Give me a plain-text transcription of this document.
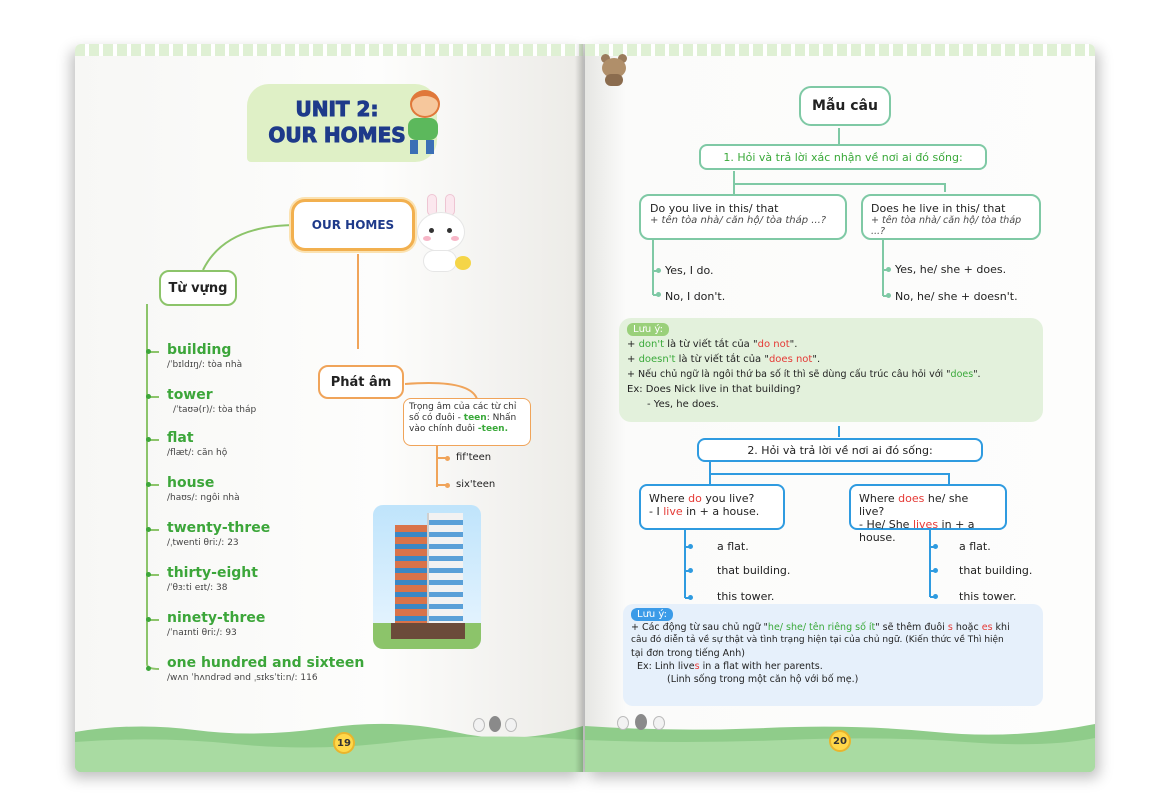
UNIT 2:
OUR HOMES
OUR HOMES
Từ vựng
building
/ˈbɪldɪŋ/: tòa nhà
tower
/ˈtaʊə(r)/: tòa tháp
flat
/flæt/: căn hộ
house
/haʊs/: ngôi nhà
twenty-three
/ˌtwenti θriː/: 23
thirty-eight
/ˈθɜːti eɪt/: 38
ninety-three
/ˈnaɪnti θriː/: 93
one hundred and sixteen
/wʌn ˈhʌndrəd ənd ˌsɪksˈtiːn/: 116
Phát âm
Trọng âm của các từ chỉ số có đuôi - teen: Nhấn vào chính đuôi -teen.
fif'teen
six'teen
19
Mẫu câu
1. Hỏi và trả lời xác nhận về nơi ai đó sống:
Do you live in this/ that
+ tên tòa nhà/ căn hộ/ tòa tháp ...?
Yes, I do.
No, I don't.
Does he live in this/ that
+ tên tòa nhà/ căn hộ/ tòa tháp ...?
Yes, he/ she + does.
No, he/ she + doesn't.
Lưu ý:
+ don't là từ viết tắt của "do not".
+ doesn't là từ viết tắt của "does not".
+ Nếu chủ ngữ là ngôi thứ ba số ít thì sẽ dùng cấu trúc câu hỏi với "does".
Ex: Does Nick live in that building?
- Yes, he does.
2. Hỏi và trả lời về nơi ai đó sống:
Where do you live?
- I live in + a house.
a flat.
that building.
this tower.
Where does he/ she live?
- He/ She lives in + a house.
a flat.
that building.
this tower.
Lưu ý:
+ Các động từ sau chủ ngữ "he/ she/ tên riêng số ít" sẽ thêm đuôi s hoặc es khi
câu đó diễn tả về sự thật và tình trạng hiện tại của chủ ngữ. (Kiến thức về Thì hiện
tại đơn trong tiếng Anh)
Ex: Linh lives in a flat with her parents.
(Linh sống trong một căn hộ với bố mẹ.)
20
